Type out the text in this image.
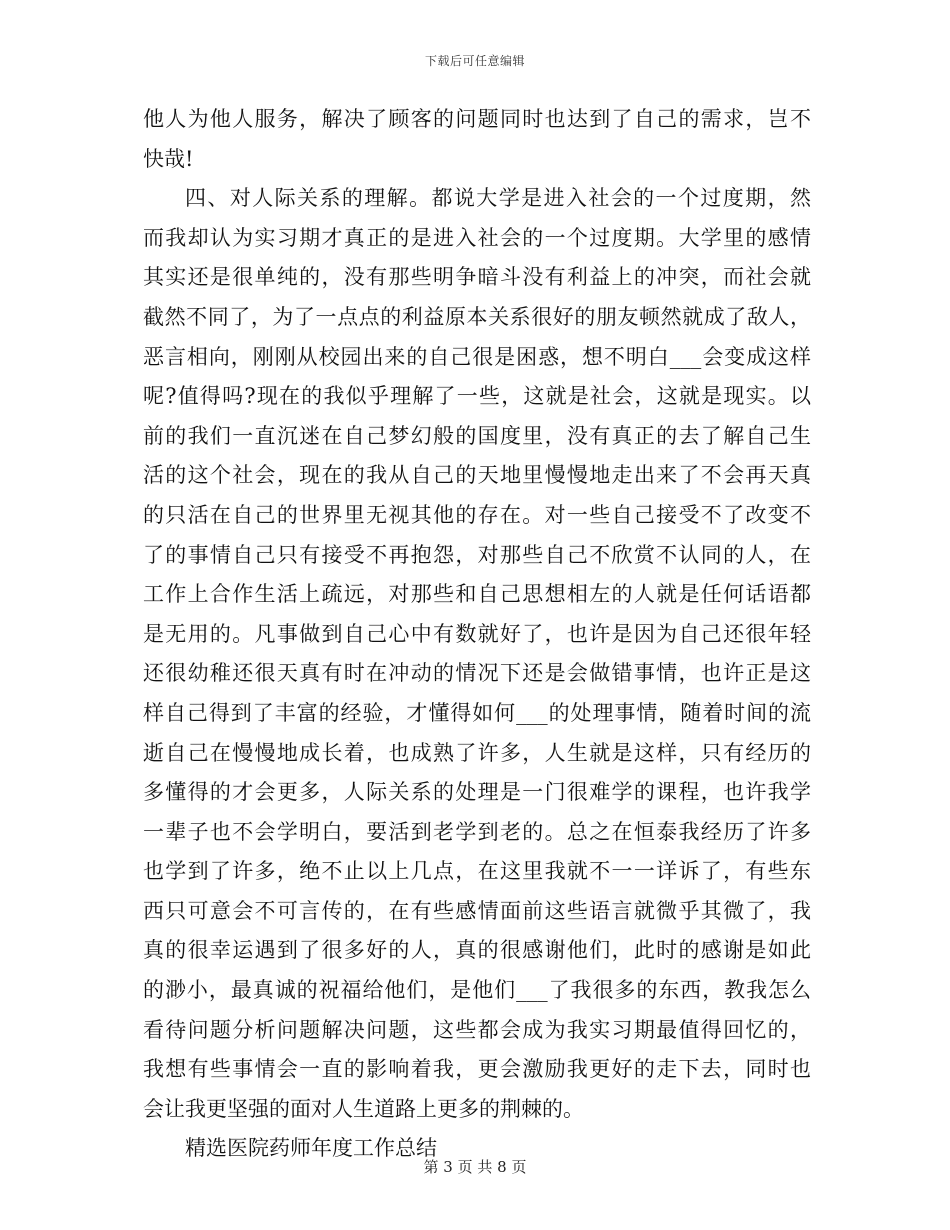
下载后可任意编辑
他人为他人服务，解决了顾客的问题同时也达到了自己的需求，岂不
快哉!
四、对人际关系的理解。都说大学是进入社会的一个过度期，然
而我却认为实习期才真正的是进入社会的一个过度期。大学里的感情
其实还是很单纯的，没有那些明争暗斗没有利益上的冲突，而社会就
截然不同了，为了一点点的利益原本关系很好的朋友顿然就成了敌人，
恶言相向，刚刚从校园出来的自己很是困惑，想不明白___会变成这样
呢?值得吗?现在的我似乎理解了一些，这就是社会，这就是现实。以
前的我们一直沉迷在自己梦幻般的国度里，没有真正的去了解自己生
活的这个社会，现在的我从自己的天地里慢慢地走出来了不会再天真
的只活在自己的世界里无视其他的存在。对一些自己接受不了改变不
了的事情自己只有接受不再抱怨，对那些自己不欣赏不认同的人，在
工作上合作生活上疏远，对那些和自己思想相左的人就是任何话语都
是无用的。凡事做到自己心中有数就好了，也许是因为自己还很年轻
还很幼稚还很天真有时在冲动的情况下还是会做错事情，也许正是这
样自己得到了丰富的经验，才懂得如何___的处理事情，随着时间的流
逝自己在慢慢地成长着，也成熟了许多，人生就是这样，只有经历的
多懂得的才会更多，人际关系的处理是一门很难学的课程，也许我学
一辈子也不会学明白，要活到老学到老的。总之在恒泰我经历了许多
也学到了许多，绝不止以上几点，在这里我就不一一详诉了，有些东
西只可意会不可言传的，在有些感情面前这些语言就微乎其微了，我
真的很幸运遇到了很多好的人，真的很感谢他们，此时的感谢是如此
的渺小，最真诚的祝福给他们，是他们___了我很多的东西，教我怎么
看待问题分析问题解决问题，这些都会成为我实习期最值得回忆的，
我想有些事情会一直的影响着我，更会激励我更好的走下去，同时也
会让我更坚强的面对人生道路上更多的荆棘的。
精选医院药师年度工作总结
第 3 页 共 8 页
